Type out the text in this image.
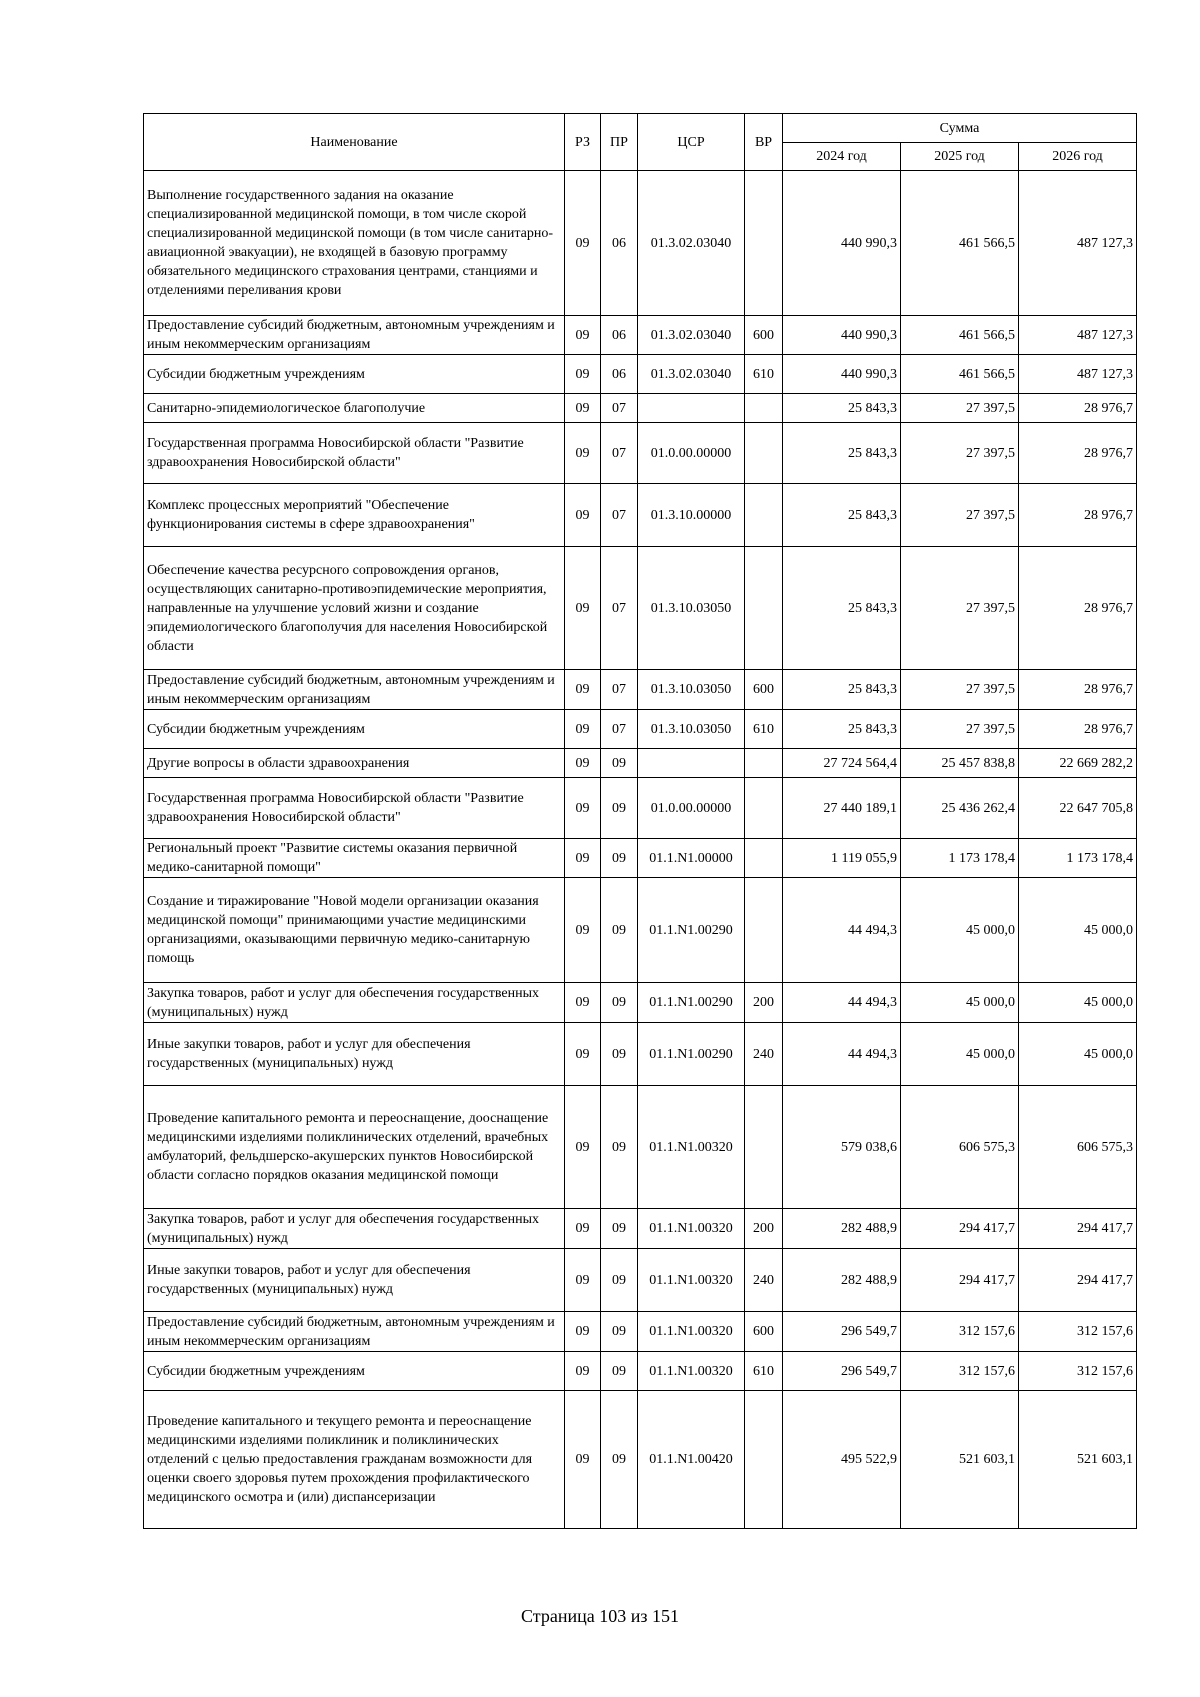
Наименование	РЗ	ПР	ЦСР	ВР	Сумма		
					2024 год	2025 год	2026 год
Выполнение государственного задания на оказание специализированной медицинской помощи, в том числе скорой специализированной медицинской помощи (в том числе санитарно-авиационной эвакуации), не входящей в базовую программу обязательного медицинского страхования центрами, станциями и отделениями переливания крови	09	06	01.3.02.03040		440 990,3	461 566,5	487 127,3
Предоставление субсидий бюджетным, автономным учреждениям и иным некоммерческим организациям	09	06	01.3.02.03040	600	440 990,3	461 566,5	487 127,3
Субсидии бюджетным учреждениям	09	06	01.3.02.03040	610	440 990,3	461 566,5	487 127,3
Санитарно-эпидемиологическое благополучие	09	07			25 843,3	27 397,5	28 976,7
Государственная программа Новосибирской области "Развитие здравоохранения Новосибирской области"	09	07	01.0.00.00000		25 843,3	27 397,5	28 976,7
Комплекс процессных мероприятий "Обеспечение функционирования системы в сфере здравоохранения"	09	07	01.3.10.00000		25 843,3	27 397,5	28 976,7
Обеспечение качества ресурсного сопровождения органов, осуществляющих санитарно-противоэпидемические мероприятия, направленные на улучшение условий жизни и создание эпидемиологического благополучия для населения Новосибирской области	09	07	01.3.10.03050		25 843,3	27 397,5	28 976,7
Предоставление субсидий бюджетным, автономным учреждениям и иным некоммерческим организациям	09	07	01.3.10.03050	600	25 843,3	27 397,5	28 976,7
Субсидии бюджетным учреждениям	09	07	01.3.10.03050	610	25 843,3	27 397,5	28 976,7
Другие вопросы в области здравоохранения	09	09			27 724 564,4	25 457 838,8	22 669 282,2
Государственная программа Новосибирской области "Развитие здравоохранения Новосибирской области"	09	09	01.0.00.00000		27 440 189,1	25 436 262,4	22 647 705,8
Региональный проект "Развитие системы оказания первичной медико-санитарной помощи"	09	09	01.1.N1.00000		1 119 055,9	1 173 178,4	1 173 178,4
Создание и тиражирование "Новой модели организации оказания медицинской помощи" принимающими участие медицинскими организациями, оказывающими первичную медико-санитарную помощь	09	09	01.1.N1.00290		44 494,3	45 000,0	45 000,0
Закупка товаров, работ и услуг для обеспечения государственных (муниципальных) нужд	09	09	01.1.N1.00290	200	44 494,3	45 000,0	45 000,0
Иные закупки товаров, работ и услуг для обеспечения государственных (муниципальных) нужд	09	09	01.1.N1.00290	240	44 494,3	45 000,0	45 000,0
Проведение капитального ремонта и переоснащение, дооснащение медицинскими изделиями поликлинических отделений, врачебных амбулаторий, фельдшерско-акушерских пунктов Новосибирской области согласно порядков оказания медицинской помощи	09	09	01.1.N1.00320		579 038,6	606 575,3	606 575,3
Закупка товаров, работ и услуг для обеспечения государственных (муниципальных) нужд	09	09	01.1.N1.00320	200	282 488,9	294 417,7	294 417,7
Иные закупки товаров, работ и услуг для обеспечения государственных (муниципальных) нужд	09	09	01.1.N1.00320	240	282 488,9	294 417,7	294 417,7
Предоставление субсидий бюджетным, автономным учреждениям и иным некоммерческим организациям	09	09	01.1.N1.00320	600	296 549,7	312 157,6	312 157,6
Субсидии бюджетным учреждениям	09	09	01.1.N1.00320	610	296 549,7	312 157,6	312 157,6
Проведение капитального и текущего ремонта и переоснащение медицинскими изделиями поликлиник и поликлинических отделений с целью предоставления гражданам возможности для оценки своего здоровья путем прохождения профилактического медицинского осмотра и (или) диспансеризации	09	09	01.1.N1.00420		495 522,9	521 603,1	521 603,1
Страница 103 из 151
